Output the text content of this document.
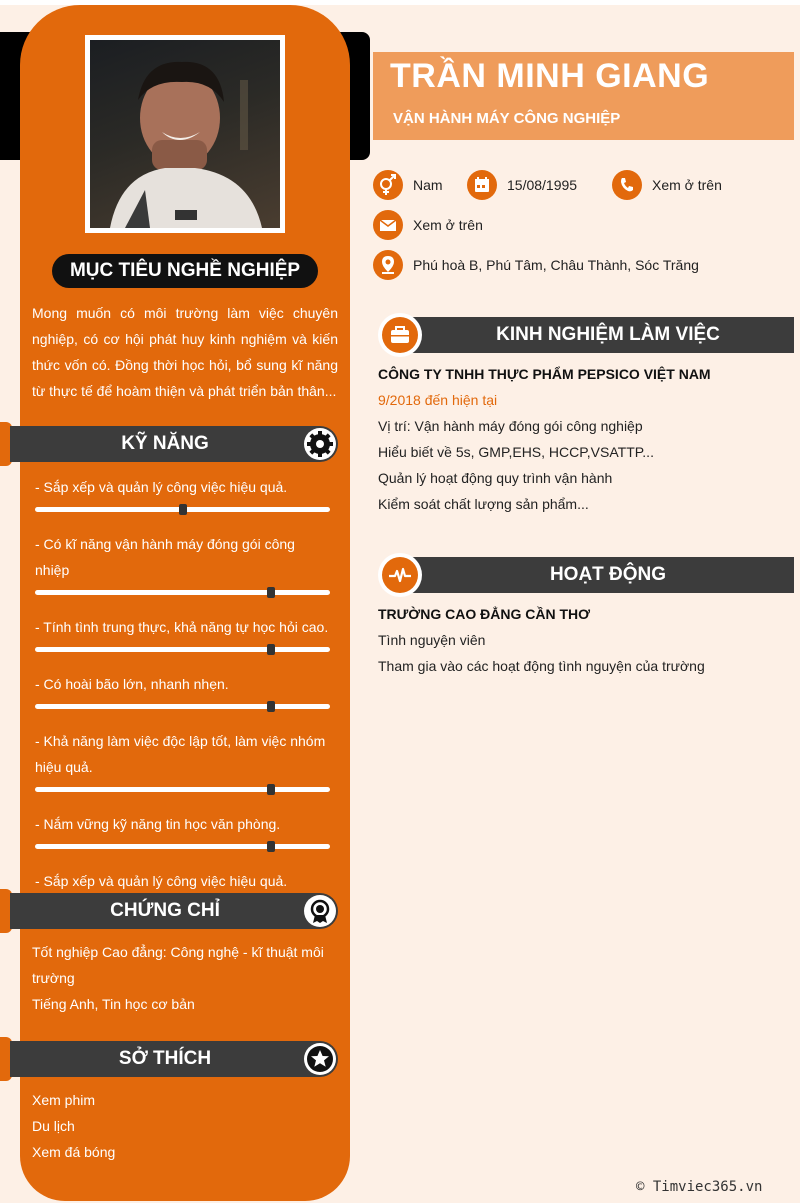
MỤC TIÊU NGHỀ NGHIỆP
Mong muốn có môi trường làm việc chuyên nghiệp, có cơ hội phát huy kinh nghiệm và kiến thức vốn có. Đồng thời học hỏi, bổ sung kĩ năng từ thực tế để hoàm thiện và phát triển bản thân...
KỸ NĂNG
- Sắp xếp và quản lý công việc hiệu quả.
- Có kĩ năng vận hành máy đóng gói công nhiệp
- Tính tình trung thực, khả năng tự học hỏi cao.
- Có hoài bão lớn, nhanh nhẹn.
- Khả năng làm việc độc lập tốt, làm việc nhóm hiệu quả.
- Nắm vững kỹ năng tin học văn phòng.
- Sắp xếp và quản lý công việc hiệu quả.
CHỨNG CHỈ
Tốt nghiệp Cao đẳng: Công nghệ - kĩ thuật môi trường
Tiếng Anh, Tin học cơ bản
SỞ THÍCH
Xem phim
Du lịch
Xem đá bóng
TRẦN MINH GIANG
VẬN HÀNH MÁY CÔNG NGHIỆP
Nam	15/08/1995	Xem ở trên
Xem ở trên
Phú hoà B, Phú Tâm, Châu Thành, Sóc Trăng
KINH NGHIỆM LÀM VIỆC
CÔNG TY TNHH THỰC PHẨM PEPSICO VIỆT NAM
9/2018 đến hiện tại
Vị trí: Vận hành máy đóng gói công nghiệp
Hiểu biết về 5s, GMP,EHS, HCCP,VSATTP...
Quản lý hoạt động quy trình vận hành
Kiểm soát chất lượng sản phẩm...
HOẠT ĐỘNG
TRƯỜNG CAO ĐẲNG CẦN THƠ
Tình nguyện viên
Tham gia vào các hoạt động tình nguyện của trường
© Timviec365.vn
